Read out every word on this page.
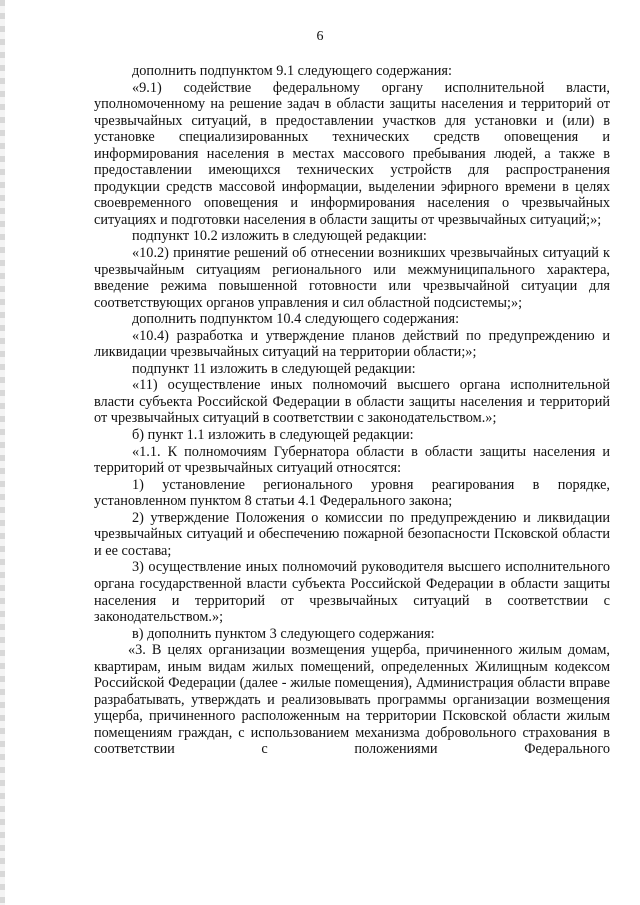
6

дополнить подпунктом 9.1 следующего содержания:

«9.1) содействие федеральному органу исполнительной власти, уполномоченному на решение задач в области защиты населения и территорий от чрезвычайных ситуаций, в предоставлении участков для установки и (или) в установке специализированных технических средств оповещения и информирования населения в местах массового пребывания людей, а также в предоставлении имеющихся технических устройств для распространения продукции средств массовой информации, выделении эфирного времени в целях своевременного оповещения и информирования населения о чрезвычайных ситуациях и подготовки населения в области защиты от чрезвычайных ситуаций;»;

подпункт 10.2 изложить в следующей редакции:

«10.2) принятие решений об отнесении возникших чрезвычайных ситуаций к чрезвычайным ситуациям регионального или межмуниципального характера, введение режима повышенной готовности или чрезвычайной ситуации для соответствующих органов управления и сил областной подсистемы;»;

дополнить подпунктом 10.4 следующего содержания:

«10.4) разработка и утверждение планов действий по предупреждению и ликвидации чрезвычайных ситуаций на территории области;»;

подпункт 11 изложить в следующей редакции:

«11) осуществление иных полномочий высшего органа исполнительной власти субъекта Российской Федерации в области защиты населения и территорий от чрезвычайных ситуаций в соответствии с законодательством.»;

б) пункт 1.1 изложить в следующей редакции:

«1.1. К полномочиям Губернатора области в области защиты населения и территорий от чрезвычайных ситуаций относятся:

1) установление регионального уровня реагирования в порядке, установленном пунктом 8 статьи 4.1 Федерального закона;

2) утверждение Положения о комиссии по предупреждению и ликвидации чрезвычайных ситуаций и обеспечению пожарной безопасности Псковской области и ее состава;

3) осуществление иных полномочий руководителя высшего исполнительного органа государственной власти субъекта Российской Федерации в области защиты населения и территорий от чрезвычайных ситуаций в соответствии с законодательством.»;

в) дополнить пунктом 3 следующего содержания:

«3. В целях организации возмещения ущерба, причиненного жилым домам, квартирам, иным видам жилых помещений, определенных Жилищным кодексом Российской Федерации (далее - жилые помещения), Администрация области вправе разрабатывать, утверждать и реализовывать программы организации возмещения ущерба, причиненного расположенным на территории Псковской области жилым помещениям граждан, с использованием механизма добровольного страхования в соответствии с положениями Федерального
